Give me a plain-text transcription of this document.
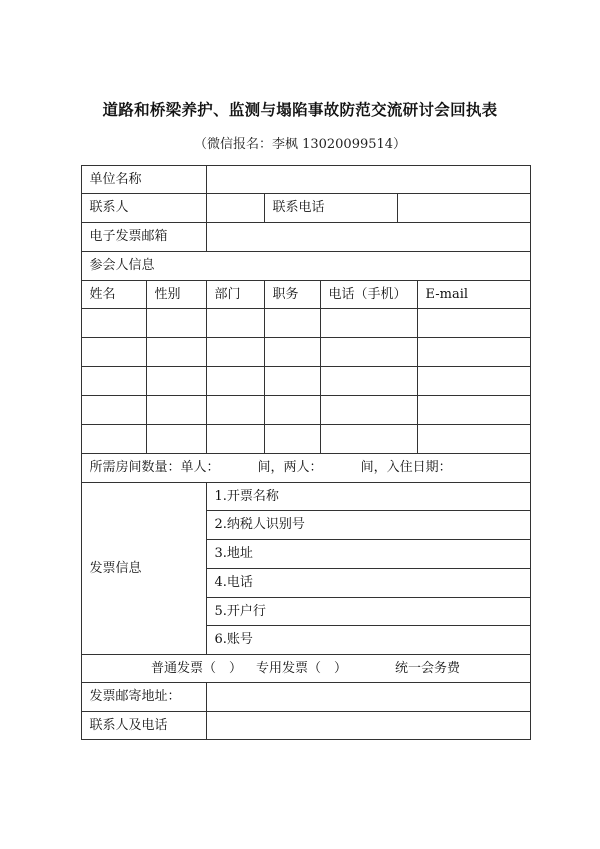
道路和桥梁养护、监测与塌陷事故防范交流研讨会回执表
（微信报名：李枫 13020099514）
单位名称
联系人	联系电话
电子发票邮箱
参会人信息
姓名	性别	部门 职务 电话（手机） E-mail
所需房间数量： 单人：	间， 两人：	间， 入住日期：
发票信息
1.开票名称
2.纳税人识别号
3.地址
4.电话
5.开户行
6.账号
普通发票（　） 专用发票（　）	统一会务费
发票邮寄地址：
联系人及电话
